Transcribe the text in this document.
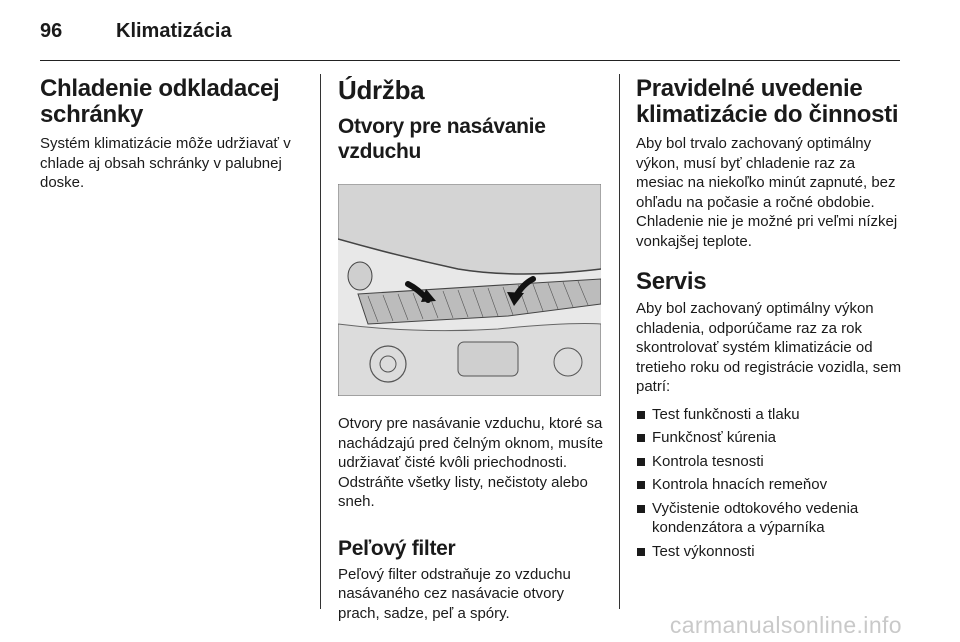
96	Klimatizácia
Chladenie odkladacej schránky

Systém klimatizácie môže udržiavať v chlade aj obsah schránky v palubnej doske.

Údržba
Otvory pre nasávanie vzduchu

Otvory pre nasávanie vzduchu, ktoré sa nachádzajú pred čelným oknom, musíte udržiavať čisté kvôli priechodnosti. Odstráňte všetky listy, nečistoty alebo sneh.

Peľový filter

Peľový filter odstraňuje zo vzduchu nasávaného cez nasávacie otvory prach, sadze, peľ a spóry.

Pravidelné uvedenie klimatizácie do činnosti

Aby bol trvalo zachovaný optimálny výkon, musí byť chladenie raz za mesiac na niekoľko minút zapnuté, bez ohľadu na počasie a ročné obdobie. Chladenie nie je možné pri veľmi nízkej vonkajšej teplote.

Servis

Aby bol zachovaný optimálny výkon chladenia, odporúčame raz za rok skontrolovať systém klimatizácie od tretieho roku od registrácie vozidla, sem patrí:

Test funkčnosti a tlaku
Funkčnosť kúrenia
Kontrola tesnosti
Kontrola hnacích remeňov
Vyčistenie odtokového vedenia kondenzátora a výparníka
Test výkonnosti
carmanualsonline.info
